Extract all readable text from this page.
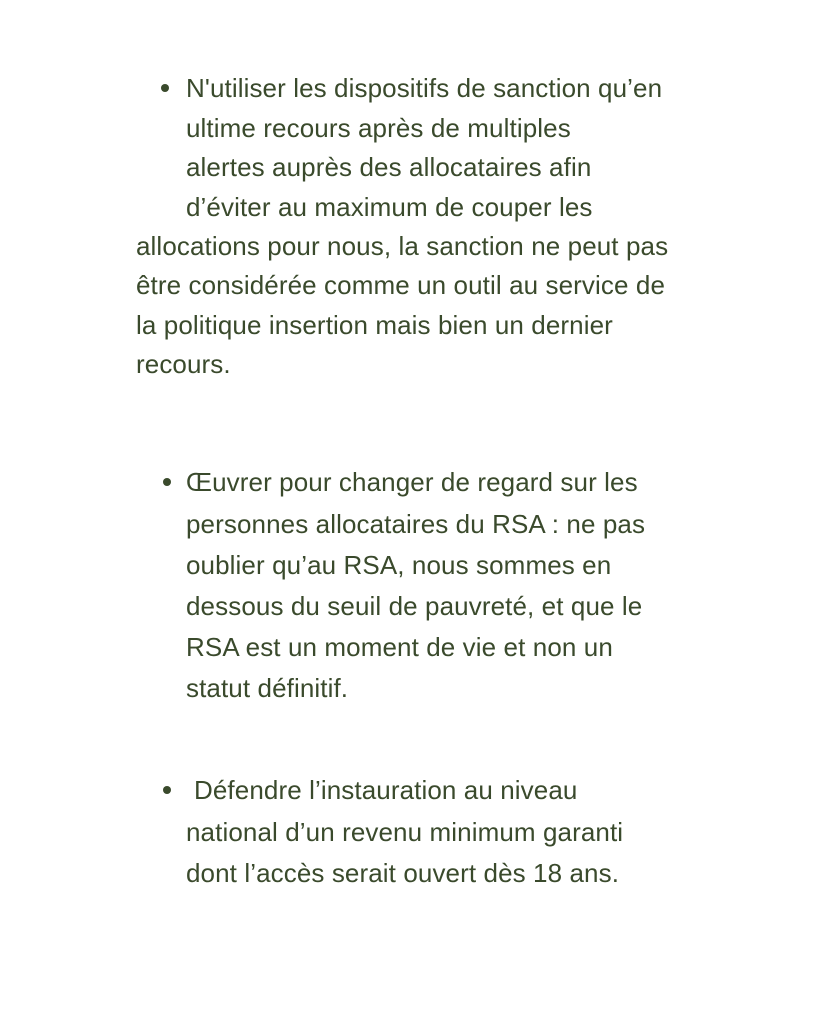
N'utiliser les dispositifs de sanction qu’en
ultime recours après de multiples
alertes auprès des allocataires afin
d’éviter au maximum de couper les
allocations pour nous, la sanction ne peut pas
être considérée comme un outil au service de
la politique insertion mais bien un dernier
recours.
Œuvrer pour changer de regard sur les
personnes allocataires du RSA : ne pas
oublier qu’au RSA, nous sommes en
dessous du seuil de pauvreté, et que le
RSA est un moment de vie et non un
statut définitif.
Défendre l’instauration au niveau
national d’un revenu minimum garanti
dont l’accès serait ouvert dès 18 ans.
